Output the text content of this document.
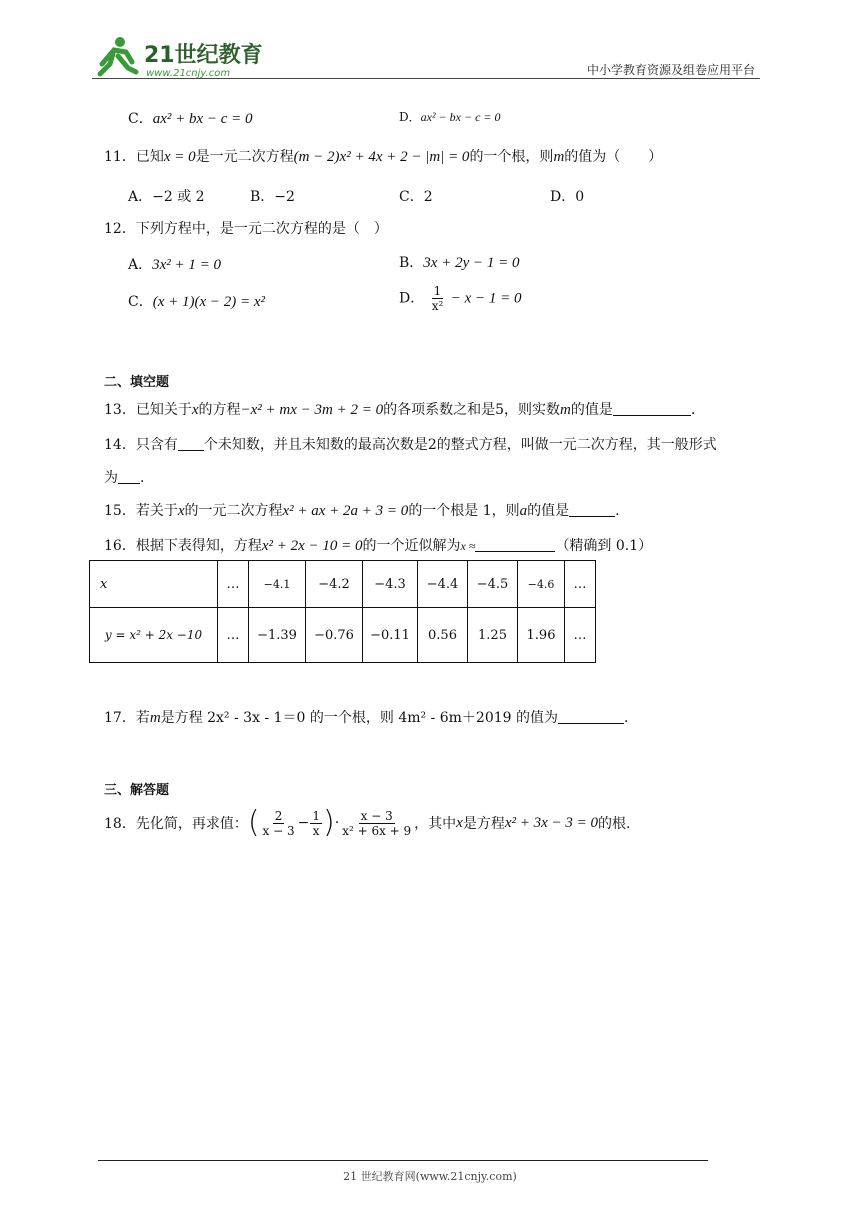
21世纪教育
www.21cnjy.com	中小学教育资源及组卷应用平台
C．ax² + bx − c = 0	D．ax² − bx − c = 0
11．已知x = 0是一元二次方程(m − 2)x² + 4x + 2 − |m| = 0的一个根，则m的值为（　　）
A．−2 或 2	B．−2	C．2	D．0
12．下列方程中，是一元二次方程的是（　）
A．3x² + 1 = 0	B．3x + 2y − 1 = 0
C．(x + 1)(x − 2) = x²	D． $\frac{1}{\text{x²}} - x - 1 = 0$
二、填空题
13．已知关于x的方程−x² + mx − 3m + 2 = 0的各项系数之和是5，则实数m的值是	.
14．只含有 个未知数，并且未知数的最高次数是2的整式方程，叫做一元二次方程，其一般形式
为 .
15．若关于x的一元二次方程x² + ax + 2a + 3 = 0的一个根是 1，则a的值是	.
16．根据下表得知，方程x² + 2x − 10 = 0的一个近似解为x ≈	（精确到 0.1）
x	…	−4.1	−4.2	−4.3	−4.4	−4.5	−4.6	…
y = x² + 2x −10	…	−1.39	−0.76	−0.11	0.56	1.25	1.96	…
17．若m是方程 2x² ‑ 3x ‑ 1＝0 的一个根，则 4m² ‑ 6m＋2019 的值为	.
三、解答题
18．先化简，再求值： ( $\frac{2}{x - 3} - \frac{1}{x}$ ) · $\frac{x - 3}{\text{x² + 6x + 9}}$ ，其中 x 是方程 x² + 3x − 3 = 0 的根.
21 世纪教育网(www.21cnjy.com)
